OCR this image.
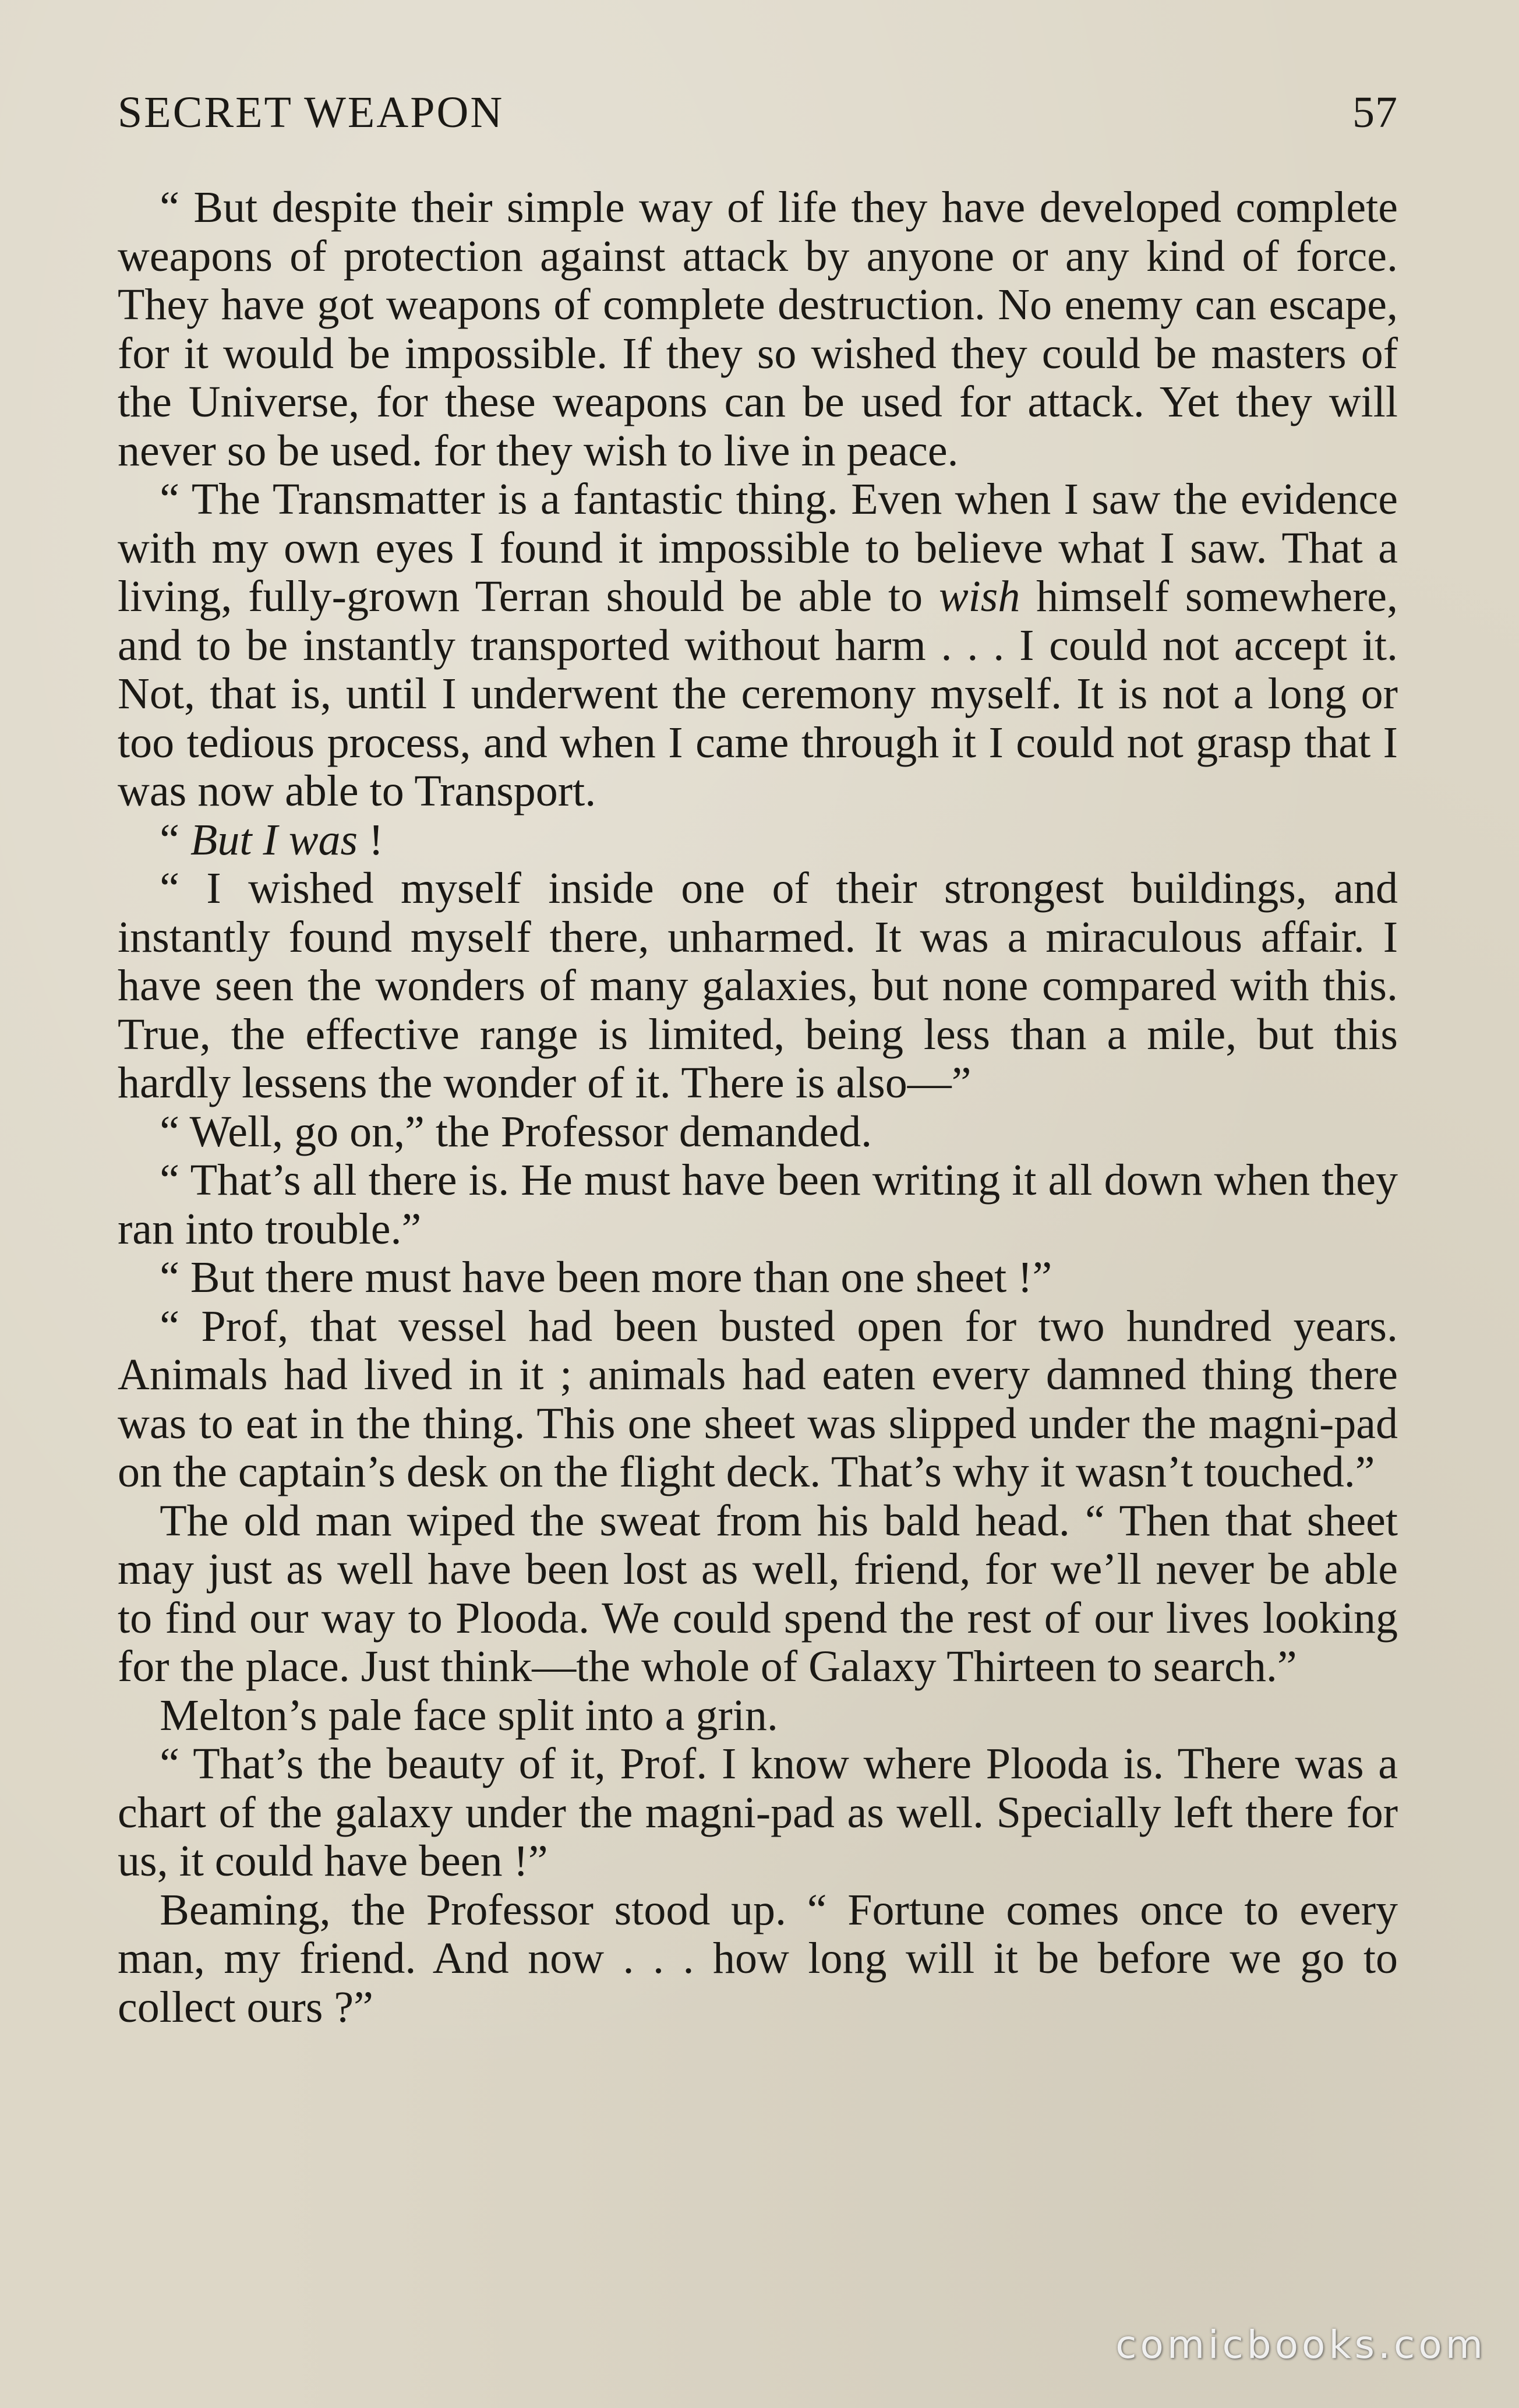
SECRET WEAPON	57

“ But despite their simple way of life they have developed complete weapons of protection against attack by anyone or any kind of force. They have got weapons of complete destruction. No enemy can escape, for it would be impossible. If they so wished they could be masters of the Universe, for these weapons can be used for attack. Yet they will never so be used. for they wish to live in peace.

“ The Transmatter is a fantastic thing. Even when I saw the evidence with my own eyes I found it impossible to believe what I saw. That a living, fully-grown Terran should be able to wish himself somewhere, and to be instantly transported without harm . . . I could not accept it. Not, that is, until I underwent the ceremony myself. It is not a long or too tedious process, and when I came through it I could not grasp that I was now able to Transport.

“ But I was !

“ I wished myself inside one of their strongest buildings, and instantly found myself there, unharmed. It was a miraculous affair. I have seen the wonders of many galaxies, but none compared with this. True, the effective range is limited, being less than a mile, but this hardly lessens the wonder of it. There is also—”

“ Well, go on,” the Professor demanded.

“ That’s all there is. He must have been writing it all down when they ran into trouble.”

“ But there must have been more than one sheet !”

“ Prof, that vessel had been busted open for two hundred years. Animals had lived in it ; animals had eaten every damned thing there was to eat in the thing. This one sheet was slipped under the magni-pad on the captain’s desk on the flight deck. That’s why it wasn’t touched.”

The old man wiped the sweat from his bald head. “ Then that sheet may just as well have been lost as well, friend, for we’ll never be able to find our way to Plooda. We could spend the rest of our lives looking for the place. Just think—the whole of Galaxy Thirteen to search.”

Melton’s pale face split into a grin.

“ That’s the beauty of it, Prof. I know where Plooda is. There was a chart of the galaxy under the magni-pad as well. Specially left there for us, it could have been !”

Beaming, the Professor stood up. “ Fortune comes once to every man, my friend. And now . . . how long will it be before we go to collect ours ?”

comicbooks.com
